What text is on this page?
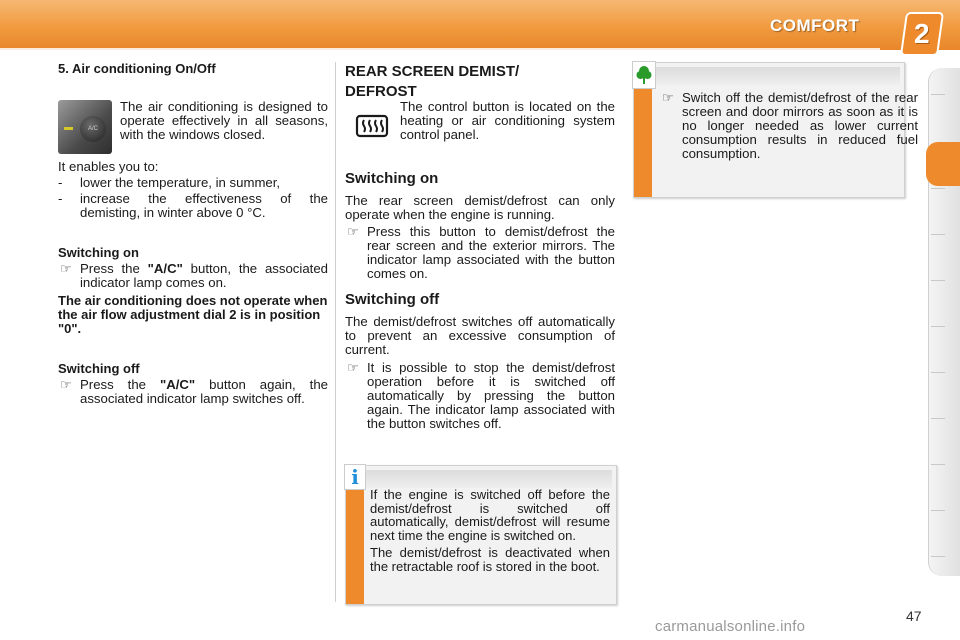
COMFORT 2
5. Air conditioning On/Off
A/C

The air conditioning is designed to operate effectively in all seasons, with the windows closed.

It enables you to:

- lower the temperature, in summer,
- increase the effectiveness of the demisting, in winter above 0 °C.
Switching on
☞ Press the "A/C" button, the associated indicator lamp comes on.

The air conditioning does not operate when the air flow adjustment dial 2 is in position "0".

Switching off
☞ Press the "A/C" button again, the associated indicator lamp switches off.
REAR SCREEN DEMIST/ DEFROST

The control button is located on the heating or air conditioning system control panel.

Switching on

The rear screen demist/defrost can only operate when the engine is running.

☞ Press this button to demist/defrost the rear screen and the exterior mirrors. The indicator lamp associated with the button comes on.
Switching off

The demist/defrost switches off automatically to prevent an excessive consumption of current.

☞ It is possible to stop the demist/defrost operation before it is switched off automatically by pressing the button again. The indicator lamp associated with the button switches off.
i

If the engine is switched off before the demist/defrost is switched off automatically, demist/defrost will resume next time the engine is switched on.

The demist/defrost is deactivated when the retractable roof is stored in the boot.

☞ Switch off the demist/defrost of the rear screen and door mirrors as soon as it is no longer needed as lower current consumption results in reduced fuel consumption.
47
carmanualsonline.info
